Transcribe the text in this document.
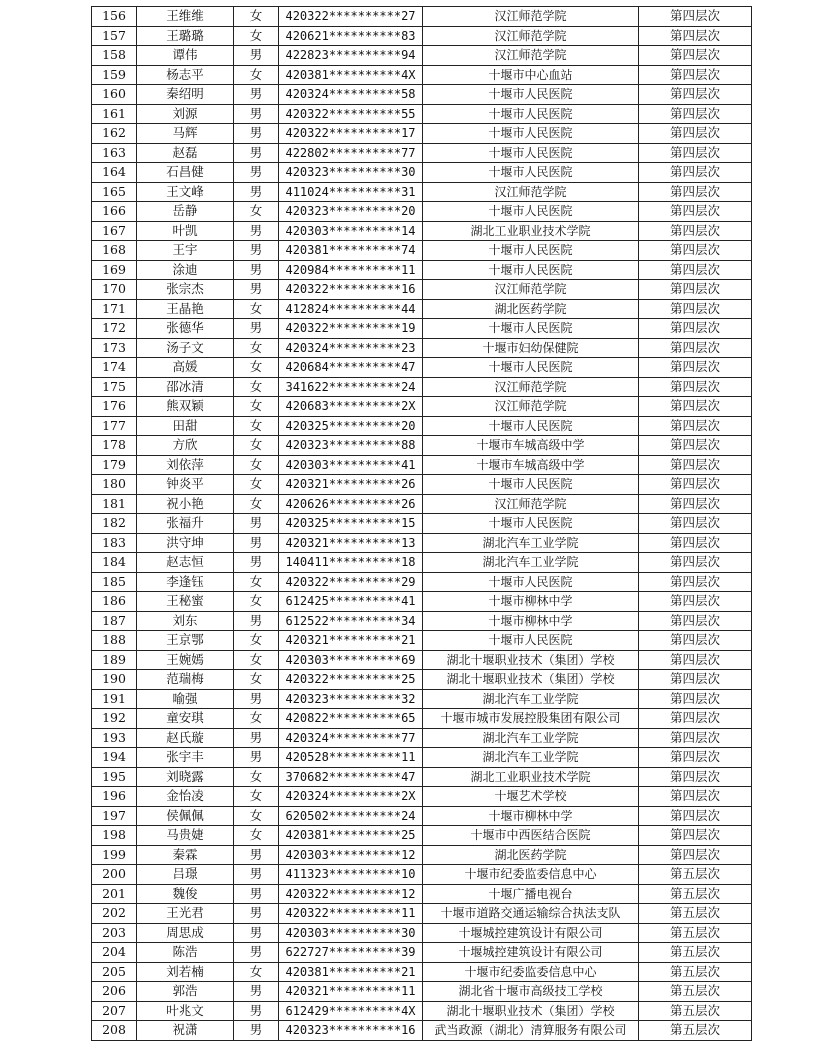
156	王维维	女	420322**********27	汉江师范学院	第四层次
157	王璐璐	女	420621**********83	汉江师范学院	第四层次
158	谭伟	男	422823**********94	汉江师范学院	第四层次
159	杨志平	女	420381**********4X	十堰市中心血站	第四层次
160	秦绍明	男	420324**********58	十堰市人民医院	第四层次
161	刘源	男	420322**********55	十堰市人民医院	第四层次
162	马辉	男	420322**********17	十堰市人民医院	第四层次
163	赵磊	男	422802**********77	十堰市人民医院	第四层次
164	石昌健	男	420323**********30	十堰市人民医院	第四层次
165	王文峰	男	411024**********31	汉江师范学院	第四层次
166	岳静	女	420323**********20	十堰市人民医院	第四层次
167	叶凯	男	420303**********14	湖北工业职业技术学院	第四层次
168	王宇	男	420381**********74	十堰市人民医院	第四层次
169	涂迪	男	420984**********11	十堰市人民医院	第四层次
170	张宗杰	男	420322**********16	汉江师范学院	第四层次
171	王晶艳	女	412824**********44	湖北医药学院	第四层次
172	张德华	男	420322**********19	十堰市人民医院	第四层次
173	汤子文	女	420324**********23	十堰市妇幼保健院	第四层次
174	高媛	女	420684**********47	十堰市人民医院	第四层次
175	邵冰清	女	341622**********24	汉江师范学院	第四层次
176	熊双颖	女	420683**********2X	汉江师范学院	第四层次
177	田甜	女	420325**********20	十堰市人民医院	第四层次
178	方欣	女	420323**********88	十堰市车城高级中学	第四层次
179	刘依萍	女	420303**********41	十堰市车城高级中学	第四层次
180	钟炎平	女	420321**********26	十堰市人民医院	第四层次
181	祝小艳	女	420626**********26	汉江师范学院	第四层次
182	张福升	男	420325**********15	十堰市人民医院	第四层次
183	洪守坤	男	420321**********13	湖北汽车工业学院	第四层次
184	赵志恒	男	140411**********18	湖北汽车工业学院	第四层次
185	李逢钰	女	420322**********29	十堰市人民医院	第四层次
186	王秘蜜	女	612425**********41	十堰市柳林中学	第四层次
187	刘东	男	612522**********34	十堰市柳林中学	第四层次
188	王京鄂	女	420321**********21	十堰市人民医院	第四层次
189	王婉嫣	女	420303**********69	湖北十堰职业技术（集团）学校	第四层次
190	范瑞梅	女	420322**********25	湖北十堰职业技术（集团）学校	第四层次
191	喻强	男	420323**********32	湖北汽车工业学院	第四层次
192	童安琪	女	420822**********65	十堰市城市发展控股集团有限公司	第四层次
193	赵氏璇	男	420324**********77	湖北汽车工业学院	第四层次
194	张宇丰	男	420528**********11	湖北汽车工业学院	第四层次
195	刘晓露	女	370682**********47	湖北工业职业技术学院	第四层次
196	金怡凌	女	420324**********2X	十堰艺术学校	第四层次
197	侯佩佩	女	620502**********24	十堰市柳林中学	第四层次
198	马贵婕	女	420381**********25	十堰市中西医结合医院	第四层次
199	秦霖	男	420303**********12	湖北医药学院	第四层次
200	吕璟	男	411323**********10	十堰市纪委监委信息中心	第五层次
201	魏俊	男	420322**********12	十堰广播电视台	第五层次
202	王光君	男	420322**********11	十堰市道路交通运输综合执法支队	第五层次
203	周思成	男	420303**********30	十堰城控建筑设计有限公司	第五层次
204	陈浩	男	622727**********39	十堰城控建筑设计有限公司	第五层次
205	刘若楠	女	420381**********21	十堰市纪委监委信息中心	第五层次
206	郭浩	男	420321**********11	湖北省十堰市高级技工学校	第五层次
207	叶兆文	男	612429**********4X	湖北十堰职业技术（集团）学校	第五层次
208	祝潇	男	420323**********16	武当政源（湖北）清算服务有限公司	第五层次
